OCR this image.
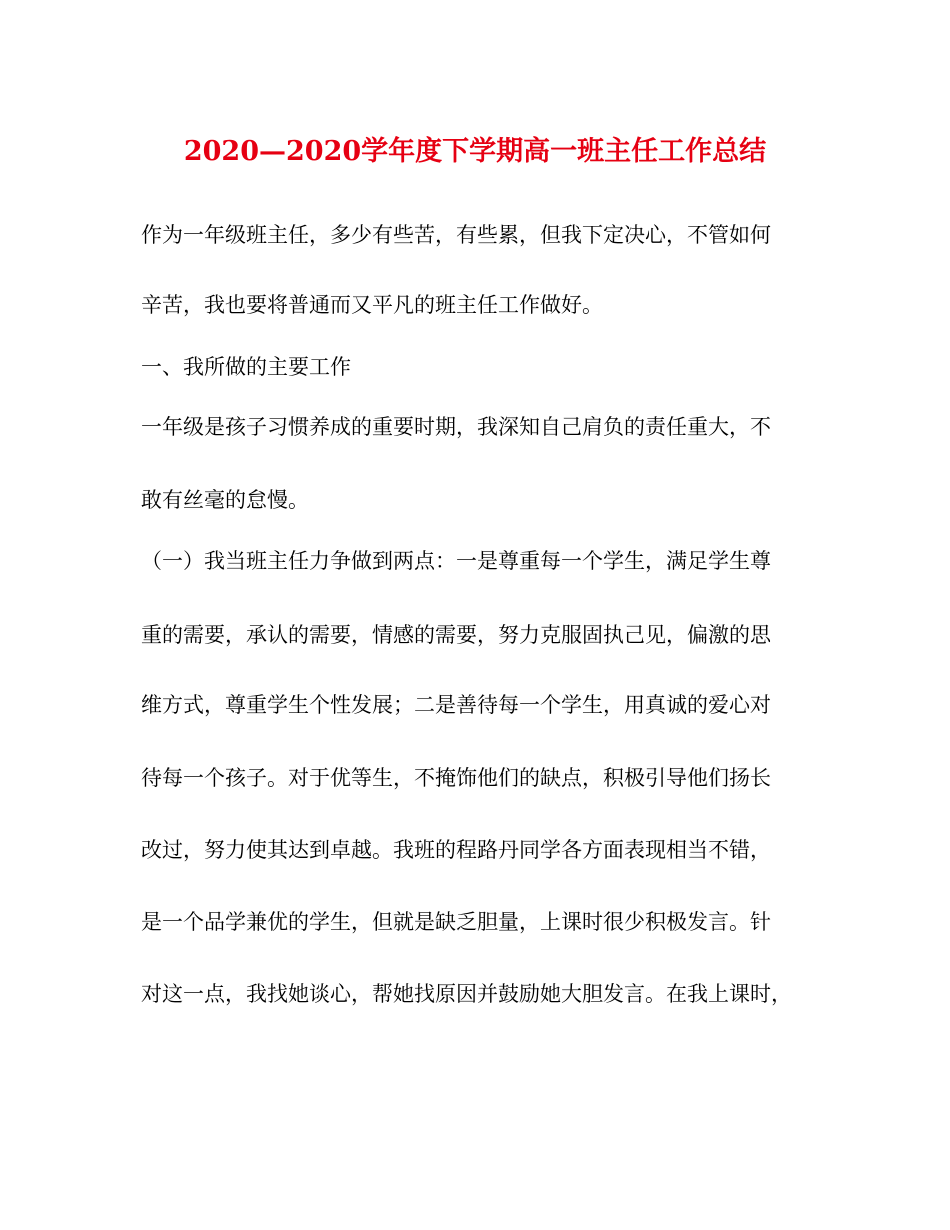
2020—2020学年度下学期高一班主任工作总结
作为一年级班主任，多少有些苦，有些累，但我下定决心，不管如何
辛苦，我也要将普通而又平凡的班主任工作做好。
一、我所做的主要工作
一年级是孩子习惯养成的重要时期，我深知自己肩负的责任重大，不
敢有丝毫的怠慢。
（一）我当班主任力争做到两点：一是尊重每一个学生，满足学生尊
重的需要，承认的需要，情感的需要，努力克服固执己见，偏激的思
维方式，尊重学生个性发展；二是善待每一个学生，用真诚的爱心对
待每一个孩子。对于优等生，不掩饰他们的缺点，积极引导他们扬长
改过，努力使其达到卓越。我班的程路丹同学各方面表现相当不错，
是一个品学兼优的学生，但就是缺乏胆量，上课时很少积极发言。针
对这一点，我找她谈心，帮她找原因并鼓励她大胆发言。在我上课时，
